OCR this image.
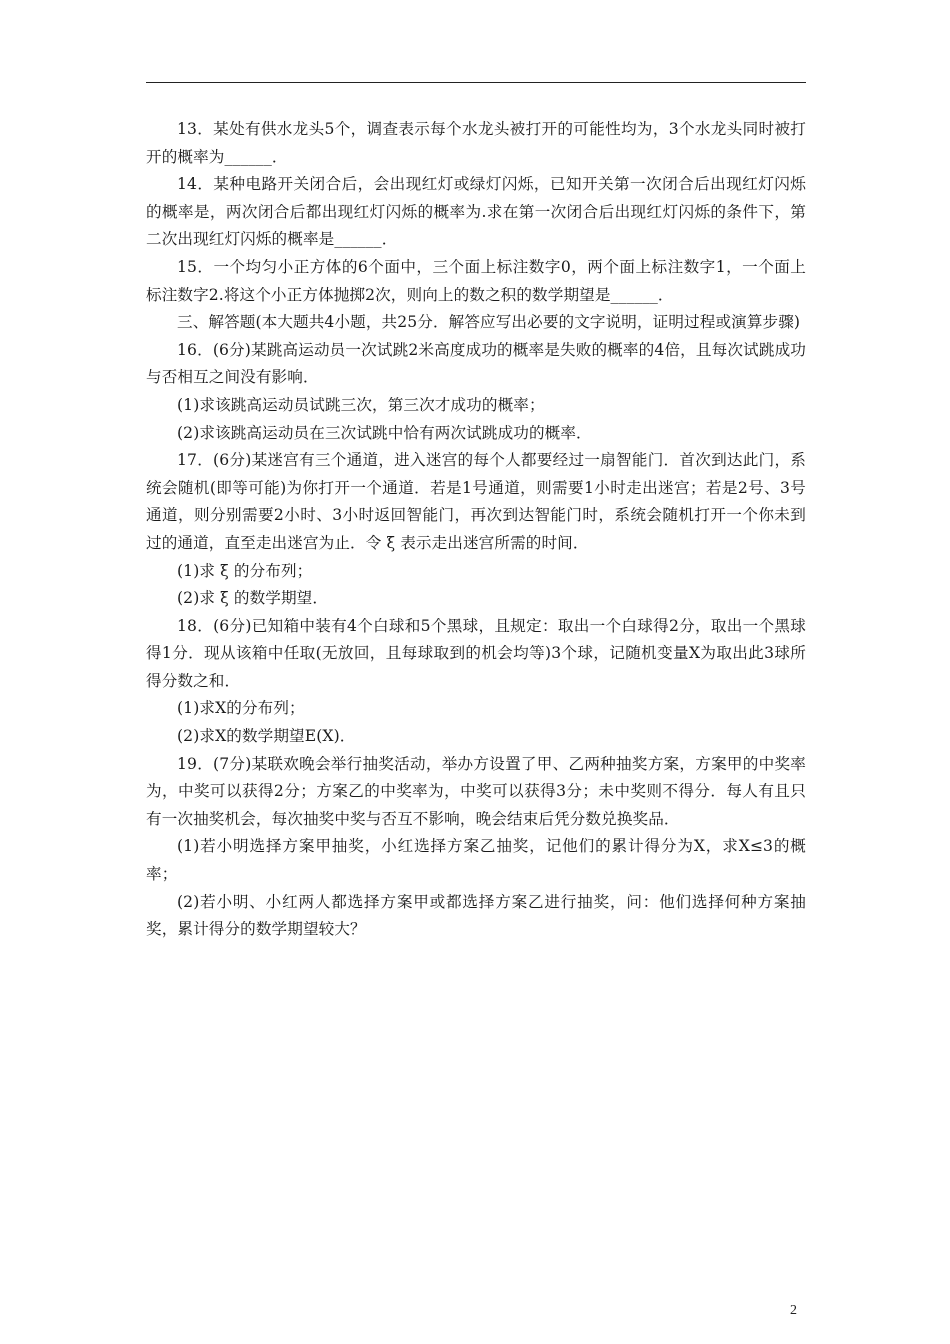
13．某处有供水龙头5个，调查表示每个水龙头被打开的可能性均为，3个水龙头同时被打开的概率为______．

14．某种电路开关闭合后，会出现红灯或绿灯闪烁，已知开关第一次闭合后出现红灯闪烁的概率是，两次闭合后都出现红灯闪烁的概率为.求在第一次闭合后出现红灯闪烁的条件下，第二次出现红灯闪烁的概率是______．

15．一个均匀小正方体的6个面中，三个面上标注数字0，两个面上标注数字1，一个面上标注数字2.将这个小正方体抛掷2次，则向上的数之积的数学期望是______．

三、解答题(本大题共4小题，共25分．解答应写出必要的文字说明，证明过程或演算步骤)

16．(6分)某跳高运动员一次试跳2米高度成功的概率是失败的概率的4倍，且每次试跳成功与否相互之间没有影响．

(1)求该跳高运动员试跳三次，第三次才成功的概率；

(2)求该跳高运动员在三次试跳中恰有两次试跳成功的概率．

17．(6分)某迷宫有三个通道，进入迷宫的每个人都要经过一扇智能门．首次到达此门，系统会随机(即等可能)为你打开一个通道．若是1号通道，则需要1小时走出迷宫；若是2号、3号通道，则分别需要2小时、3小时返回智能门，再次到达智能门时，系统会随机打开一个你未到过的通道，直至走出迷宫为止．令 ξ 表示走出迷宫所需的时间．

(1)求 ξ 的分布列；

(2)求 ξ 的数学期望．

18．(6分)已知箱中装有4个白球和5个黑球，且规定：取出一个白球得2分，取出一个黑球得1分．现从该箱中任取(无放回，且每球取到的机会均等)3个球，记随机变量X为取出此3球所得分数之和．

(1)求X的分布列；

(2)求X的数学期望E(X)．

19．(7分)某联欢晚会举行抽奖活动，举办方设置了甲、乙两种抽奖方案，方案甲的中奖率为，中奖可以获得2分；方案乙的中奖率为，中奖可以获得3分；未中奖则不得分．每人有且只有一次抽奖机会，每次抽奖中奖与否互不影响，晚会结束后凭分数兑换奖品．

(1)若小明选择方案甲抽奖，小红选择方案乙抽奖，记他们的累计得分为X，求X≤3的概率；

(2)若小明、小红两人都选择方案甲或都选择方案乙进行抽奖，问：他们选择何种方案抽奖，累计得分的数学期望较大？

2
